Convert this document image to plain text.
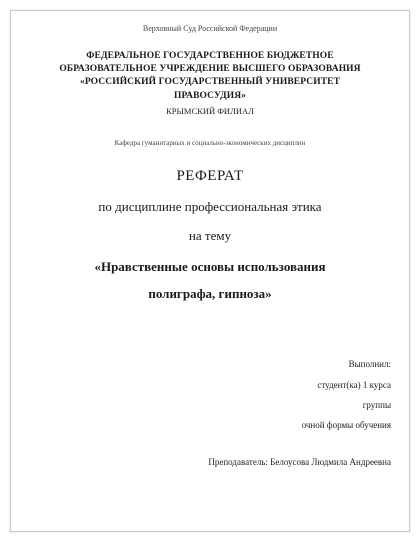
Верховный Суд Российской Федерации
ФЕДЕРАЛЬНОЕ ГОСУДАРСТВЕННОЕ БЮДЖЕТНОЕ
ОБРАЗОВАТЕЛЬНОЕ УЧРЕЖДЕНИЕ ВЫСШЕГО ОБРАЗОВАНИЯ
«РОССИЙСКИЙ ГОСУДАРСТВЕННЫЙ УНИВЕРСИТЕТ
ПРАВОСУДИЯ»
КРЫМСКИЙ ФИЛИАЛ
Кафедра гуманитарных и социально-экономических дисциплин
РЕФЕРАТ
по дисциплине профессиональная этика
на тему
«Нравственные основы использования
полиграфа, гипноза»
Выполнил:
студент(ка) 1 курса
группы
очной формы обучения
Преподаватель: Белоусова Людмила Андреевна
